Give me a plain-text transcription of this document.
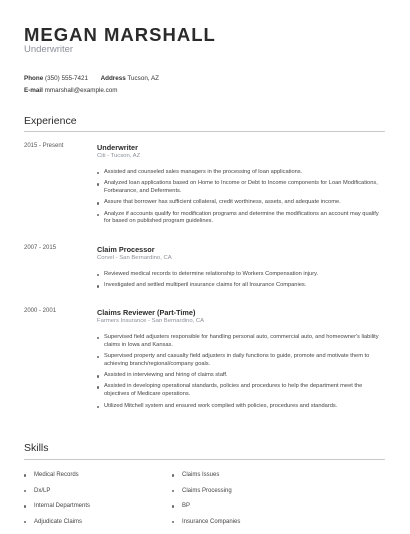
MEGAN MARSHALL
Underwriter
Phone (350) 555-7421 Address Tucson, AZ
E-mail mmarshall@example.com
Experience
2015 - Present	Underwriter
Citi - Tucson, AZ
Assisted and counseled sales managers in the processing of loan applications.
Analyzed loan applications based on Home to Income or Debt to Income components for Loan Modifications, Forbearance, and Deferments.
Assure that borrower has sufficient collateral, credit worthiness, assets, and adequate income.
Analyze if accounts qualify for modification programs and determine the modifications an account may qualify for based on published program guidelines.
2007 - 2015	Claim Processor
Corvel - San Bernardino, CA
Reviewed medical records to determine relationship to Workers Compensation injury.
Investigated and settled multiperil insurance claims for all Insurance Companies.
2000 - 2001	Claims Reviewer (Part-Time)
Farmers Insurance - San Bernardino, CA
Supervised field adjusters responsible for handling personal auto, commercial auto, and homeowner's liability claims in Iowa and Kansas.
Supervised property and casualty field adjusters in daily functions to guide, promote and motivate them to achieving branch/regional/company goals.
Assisted in interviewing and hiring of claims staff.
Assisted in developing operational standards, policies and procedures to help the department meet the objectives of Medicare operations.
Utilized Mitchell system and ensured work complied with policies, procedures and standards.
Skills
Medical Records
Dx/LP
Internal Departments
Adjudicate Claims
Claims Issues
Claims Processing
BP
Insurance Companies
